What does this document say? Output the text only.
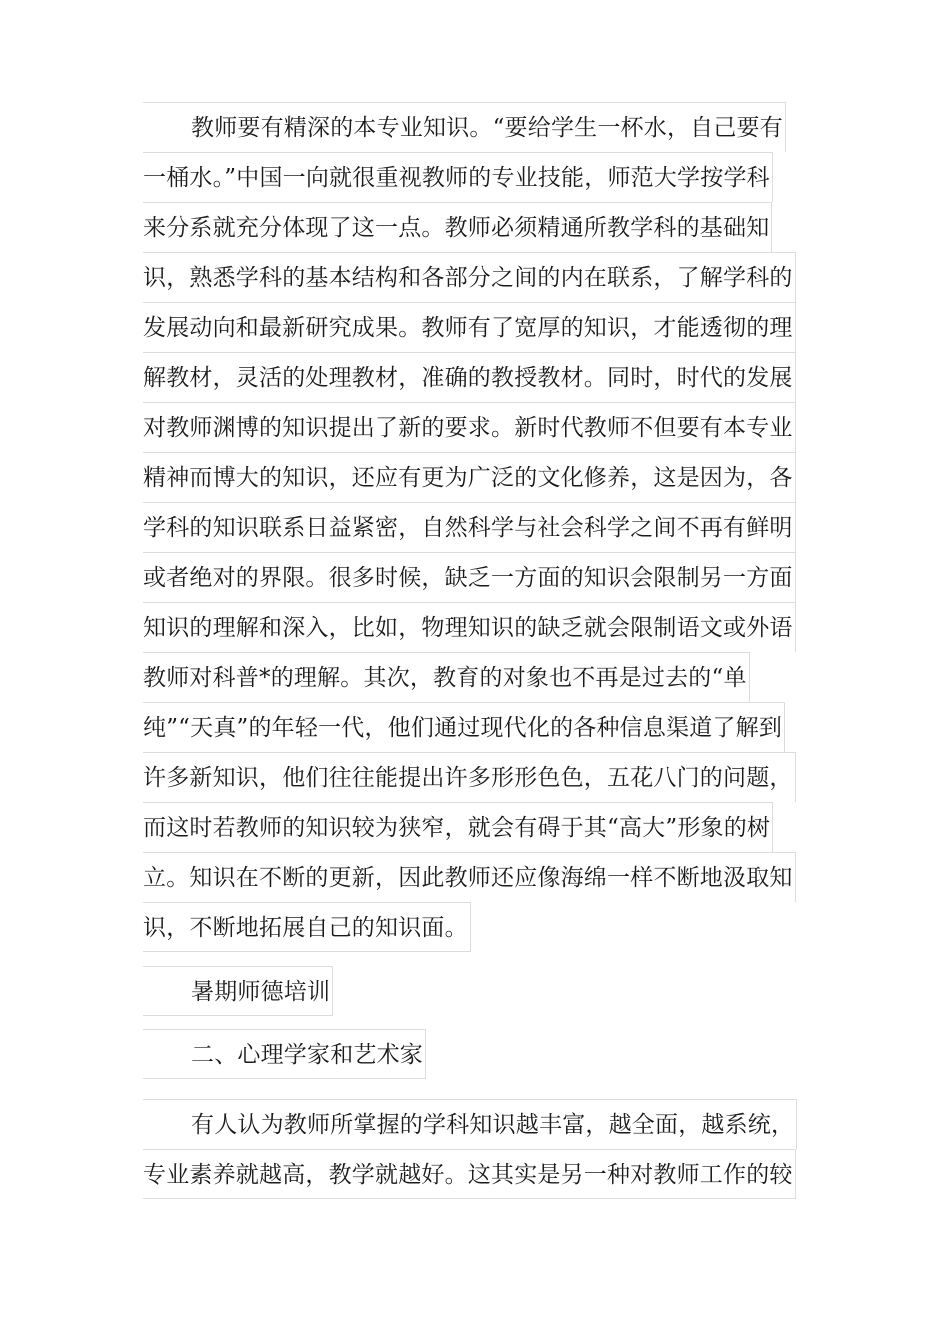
教师要有精深的本专业知识。“要给学生一杯水，自己要有
一桶水。”中国一向就很重视教师的专业技能，师范大学按学科
来分系就充分体现了这一点。教师必须精通所教学科的基础知
识，熟悉学科的基本结构和各部分之间的内在联系，了解学科的
发展动向和最新研究成果。教师有了宽厚的知识，才能透彻的理
解教材，灵活的处理教材，准确的教授教材。同时，时代的发展
对教师渊博的知识提出了新的要求。新时代教师不但要有本专业
精神而博大的知识，还应有更为广泛的文化修养，这是因为，各
学科的知识联系日益紧密，自然科学与社会科学之间不再有鲜明
或者绝对的界限。很多时候，缺乏一方面的知识会限制另一方面
知识的理解和深入，比如，物理知识的缺乏就会限制语文或外语
教师对科普*的理解。其次，教育的对象也不再是过去的“单
纯”“天真”的年轻一代，他们通过现代化的各种信息渠道了解到
许多新知识，他们往往能提出许多形形色色，五花八门的问题，
而这时若教师的知识较为狭窄，就会有碍于其“高大”形象的树
立。知识在不断的更新，因此教师还应像海绵一样不断地汲取知
识，不断地拓展自己的知识面。
暑期师德培训
二、心理学家和艺术家
有人认为教师所掌握的学科知识越丰富，越全面，越系统，
专业素养就越高，教学就越好。这其实是另一种对教师工作的较
